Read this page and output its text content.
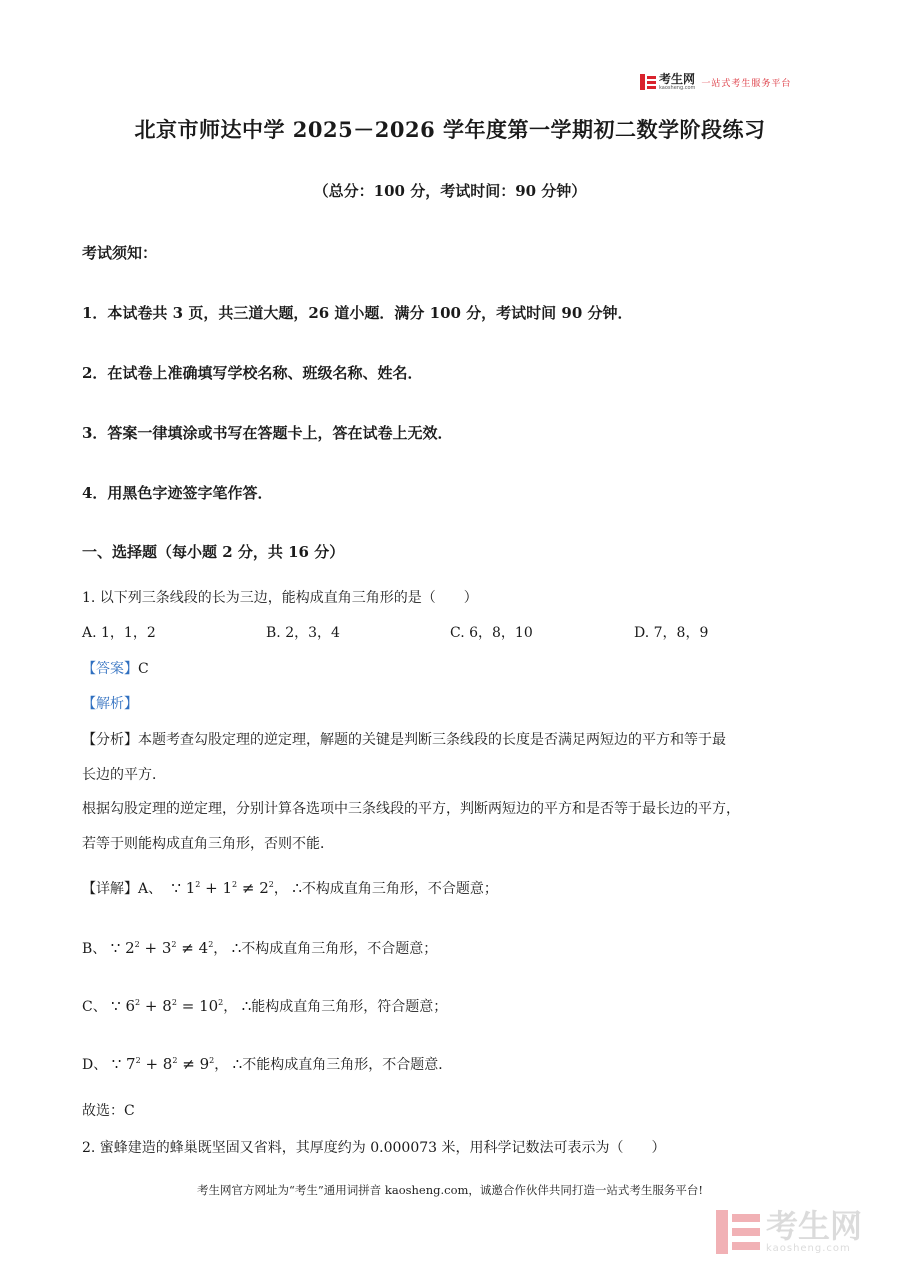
考生网
kaosheng.com 一站式考生服务平台
北京市师达中学 2025－2026 学年度第一学期初二数学阶段练习
（总分：100 分，考试时间：90 分钟）
考试须知：
1．本试卷共 3 页，共三道大题，26 道小题．满分 100 分，考试时间 90 分钟．
2．在试卷上准确填写学校名称、班级名称、姓名．
3．答案一律填涂或书写在答题卡上，答在试卷上无效．
4．用黑色字迹签字笔作答．
一、选择题（每小题 2 分，共 16 分）
1. 以下列三条线段的长为三边，能构成直角三角形的是（　　）
A. 1，1，2	B. 2，3，4	C. 6，8，10	D. 7，8，9
【答案】C
【解析】
【分析】本题考查勾股定理的逆定理，解题的关键是判断三条线段的长度是否满足两短边的平方和等于最
长边的平方．
根据勾股定理的逆定理，分别计算各选项中三条线段的平方，判断两短边的平方和是否等于最长边的平方，
若等于则能构成直角三角形，否则不能．
【详解】A、 ∵ $1^2 + 1^2 \ne 2^2$， ∴不构成直角三角形，不合题意；
B、 ∵ $2^2 + 3^2 \ne 4^2$， ∴不构成直角三角形，不合题意；
C、 ∵ $6^2 + 8^2 = 10^2$， ∴能构成直角三角形，符合题意；
D、 ∵ $7^2 + 8^2 \ne 9^2$， ∴不能构成直角三角形，不合题意．
故选：C
2. 蜜蜂建造的蜂巢既坚固又省料，其厚度约为 0.000073 米，用科学记数法可表示为（　　）
考生网官方网址为“考生”通用词拼音 kaosheng.com，诚邀合作伙伴共同打造一站式考生服务平台!
考生网
kaosheng.com
